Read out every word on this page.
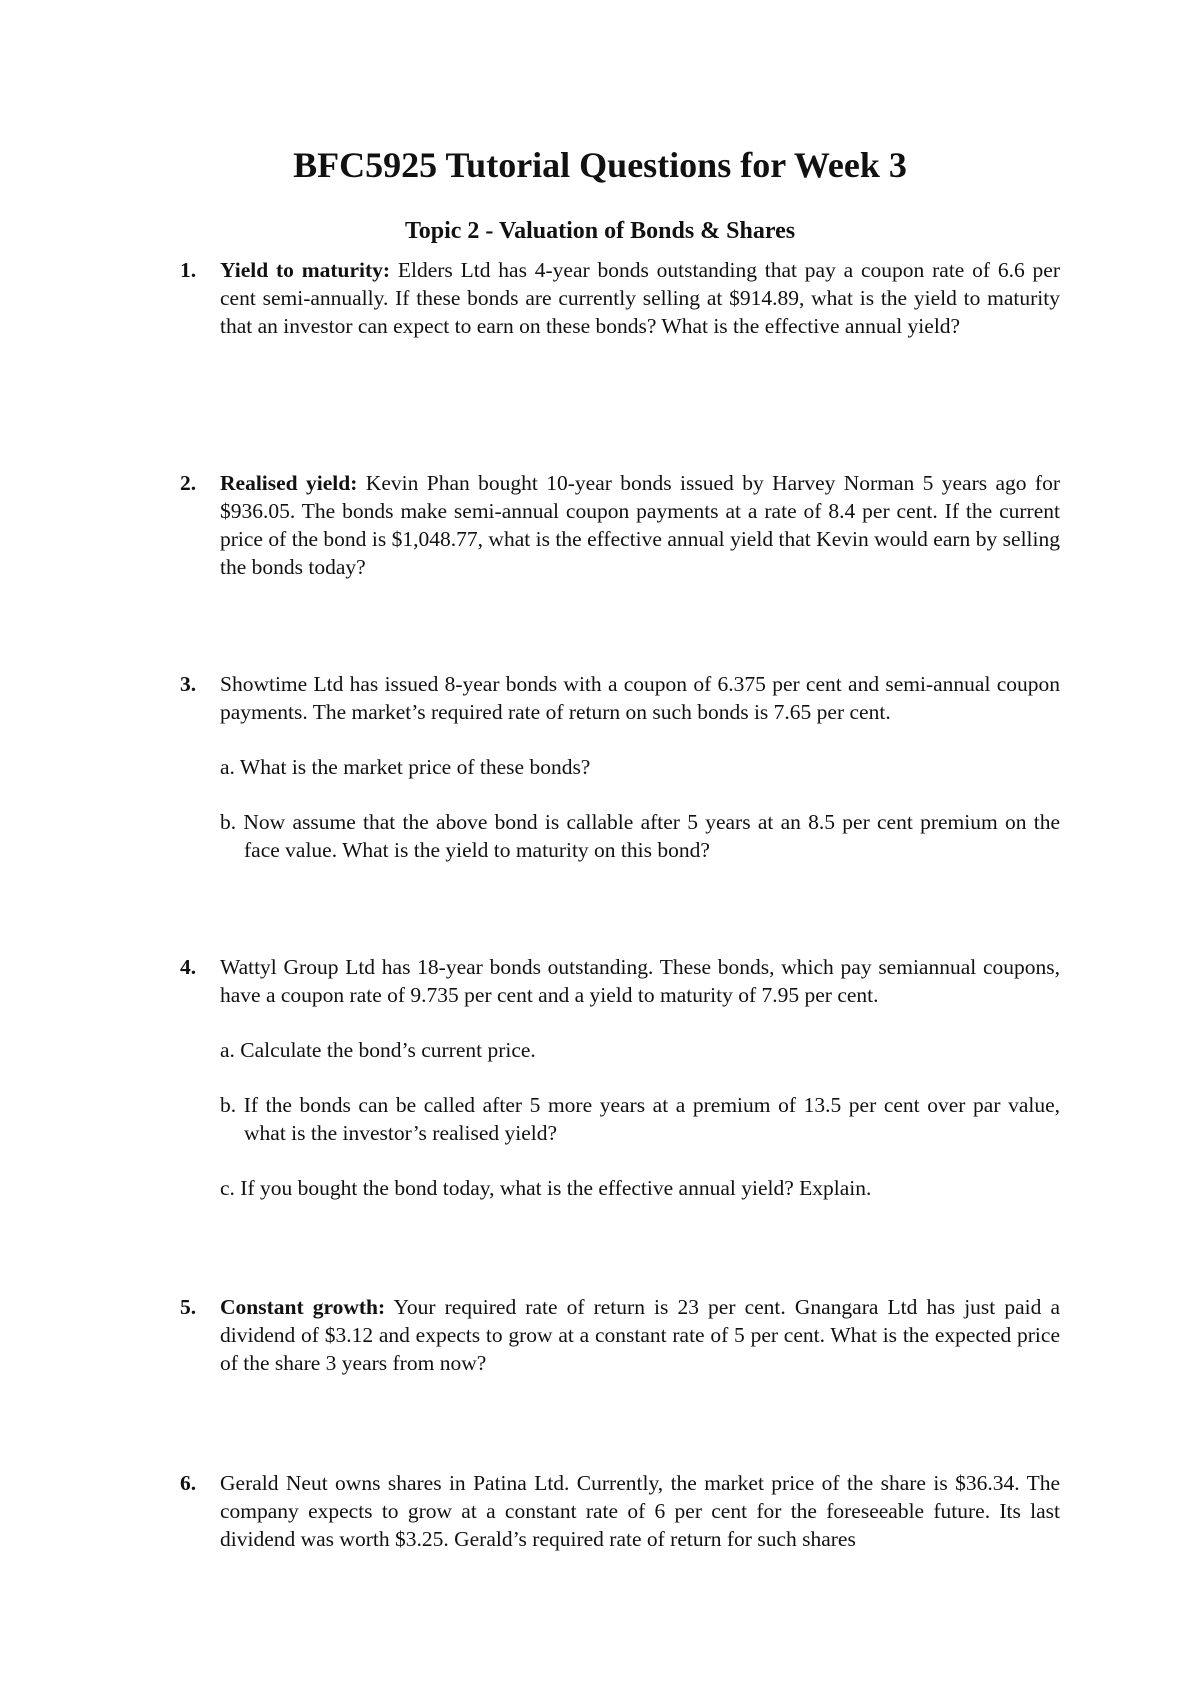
BFC5925 Tutorial Questions for Week 3
Topic 2 - Valuation of Bonds & Shares
1. Yield to maturity: Elders Ltd has 4-year bonds outstanding that pay a coupon rate of 6.6 per cent semi-annually. If these bonds are currently selling at $914.89, what is the yield to maturity that an investor can expect to earn on these bonds? What is the effective annual yield?
2. Realised yield: Kevin Phan bought 10-year bonds issued by Harvey Norman 5 years ago for $936.05. The bonds make semi-annual coupon payments at a rate of 8.4 per cent. If the current price of the bond is $1,048.77, what is the effective annual yield that Kevin would earn by selling the bonds today?
3. Showtime Ltd has issued 8-year bonds with a coupon of 6.375 per cent and semi-annual coupon payments. The market’s required rate of return on such bonds is 7.65 per cent.
a. What is the market price of these bonds?
b. Now assume that the above bond is callable after 5 years at an 8.5 per cent premium on the face value. What is the yield to maturity on this bond?
4. Wattyl Group Ltd has 18-year bonds outstanding. These bonds, which pay semiannual coupons, have a coupon rate of 9.735 per cent and a yield to maturity of 7.95 per cent.
a. Calculate the bond’s current price.
b. If the bonds can be called after 5 more years at a premium of 13.5 per cent over par value, what is the investor’s realised yield?
c. If you bought the bond today, what is the effective annual yield? Explain.
5. Constant growth: Your required rate of return is 23 per cent. Gnangara Ltd has just paid a dividend of $3.12 and expects to grow at a constant rate of 5 per cent. What is the expected price of the share 3 years from now?
6. Gerald Neut owns shares in Patina Ltd. Currently, the market price of the share is $36.34. The company expects to grow at a constant rate of 6 per cent for the foreseeable future. Its last dividend was worth $3.25. Gerald’s required rate of return for such shares
